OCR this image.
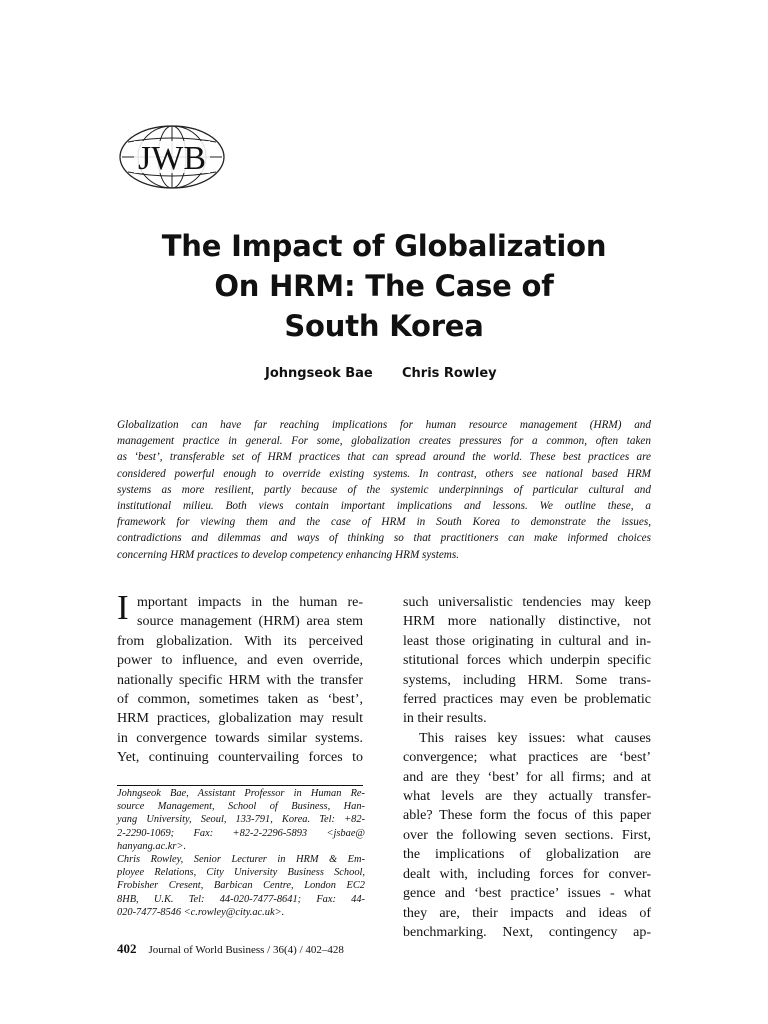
JWB
The Impact of Globalization
On HRM: The Case of
South Korea
Johngseok Bae Chris Rowley
Globalization can have far reaching implications for human resource management (HRM) and
management practice in general. For some, globalization creates pressures for a common, often taken
as ‘best’, transferable set of HRM practices that can spread around the world. These best practices are
considered powerful enough to override existing systems. In contrast, others see national based HRM
systems as more resilient, partly because of the systemic underpinnings of particular cultural and
institutional milieu. Both views contain important implications and lessons. We outline these, a
framework for viewing them and the case of HRM in South Korea to demonstrate the issues,
contradictions and dilemmas and ways of thinking so that practitioners can make informed choices
concerning HRM practices to develop competency enhancing HRM systems.
I mportant impacts in the human re-
source management (HRM) area stem
from globalization. With its perceived
power to influence, and even override,
nationally specific HRM with the transfer
of common, sometimes taken as ‘best’,
HRM practices, globalization may result
in convergence towards similar systems.
Yet, continuing countervailing forces to
such universalistic tendencies may keep
HRM more nationally distinctive, not
least those originating in cultural and in-
stitutional forces which underpin specific
systems, including HRM. Some trans-
ferred practices may even be problematic
in their results.
This raises key issues: what causes
convergence; what practices are ‘best’
and are they ‘best’ for all firms; and at
what levels are they actually transfer-
able? These form the focus of this paper
over the following seven sections. First,
the implications of globalization are
dealt with, including forces for conver-
gence and ‘best practice’ issues - what
they are, their impacts and ideas of
benchmarking. Next, contingency ap-
Johngseok Bae, Assistant Professor in Human Re-
source Management, School of Business, Han-
yang University, Seoul, 133-791, Korea. Tel: +82-
2-2290-1069; Fax: +82-2-2296-5893 <jsbae@
hanyang.ac.kr>.
Chris Rowley, Senior Lecturer in HRM & Em-
ployee Relations, City University Business School,
Frobisher Cresent, Barbican Centre, London EC2
8HB, U.K. Tel: 44-020-7477-8641; Fax: 44-
020-7477-8546 <c.rowley@city.ac.uk>.
402 Journal of World Business / 36(4) / 402–428
